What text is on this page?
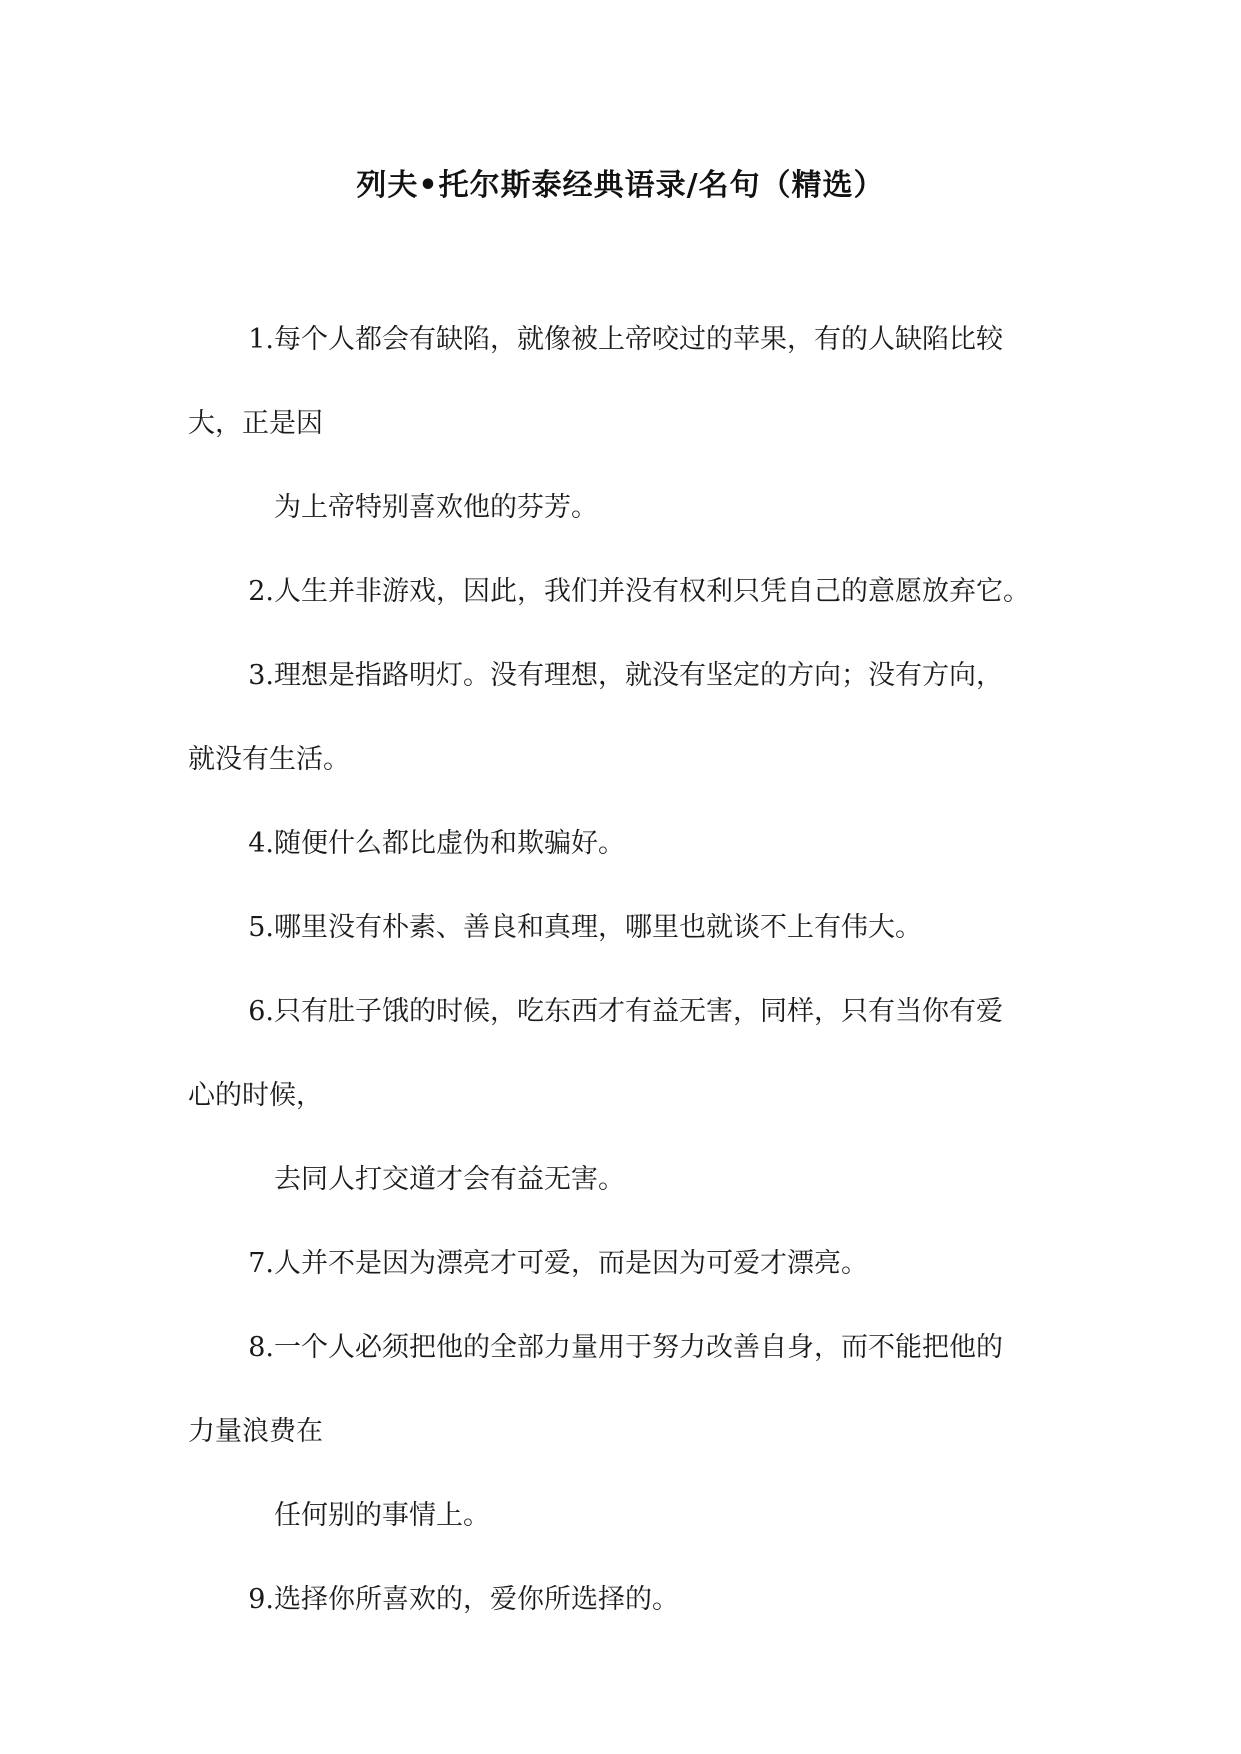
列夫•托尔斯泰经典语录/名句（精选）
1.每个人都会有缺陷，就像被上帝咬过的苹果，有的人缺陷比较
大，正是因
为上帝特别喜欢他的芬芳。
2.人生并非游戏，因此，我们并没有权利只凭自己的意愿放弃它。
3.理想是指路明灯。没有理想，就没有坚定的方向；没有方向，
就没有生活。
4.随便什么都比虚伪和欺骗好。
5.哪里没有朴素、善良和真理，哪里也就谈不上有伟大。
6.只有肚子饿的时候，吃东西才有益无害，同样，只有当你有爱
心的时候，
去同人打交道才会有益无害。
7.人并不是因为漂亮才可爱，而是因为可爱才漂亮。
8.一个人必须把他的全部力量用于努力改善自身，而不能把他的
力量浪费在
任何别的事情上。
9.选择你所喜欢的，爱你所选择的。
